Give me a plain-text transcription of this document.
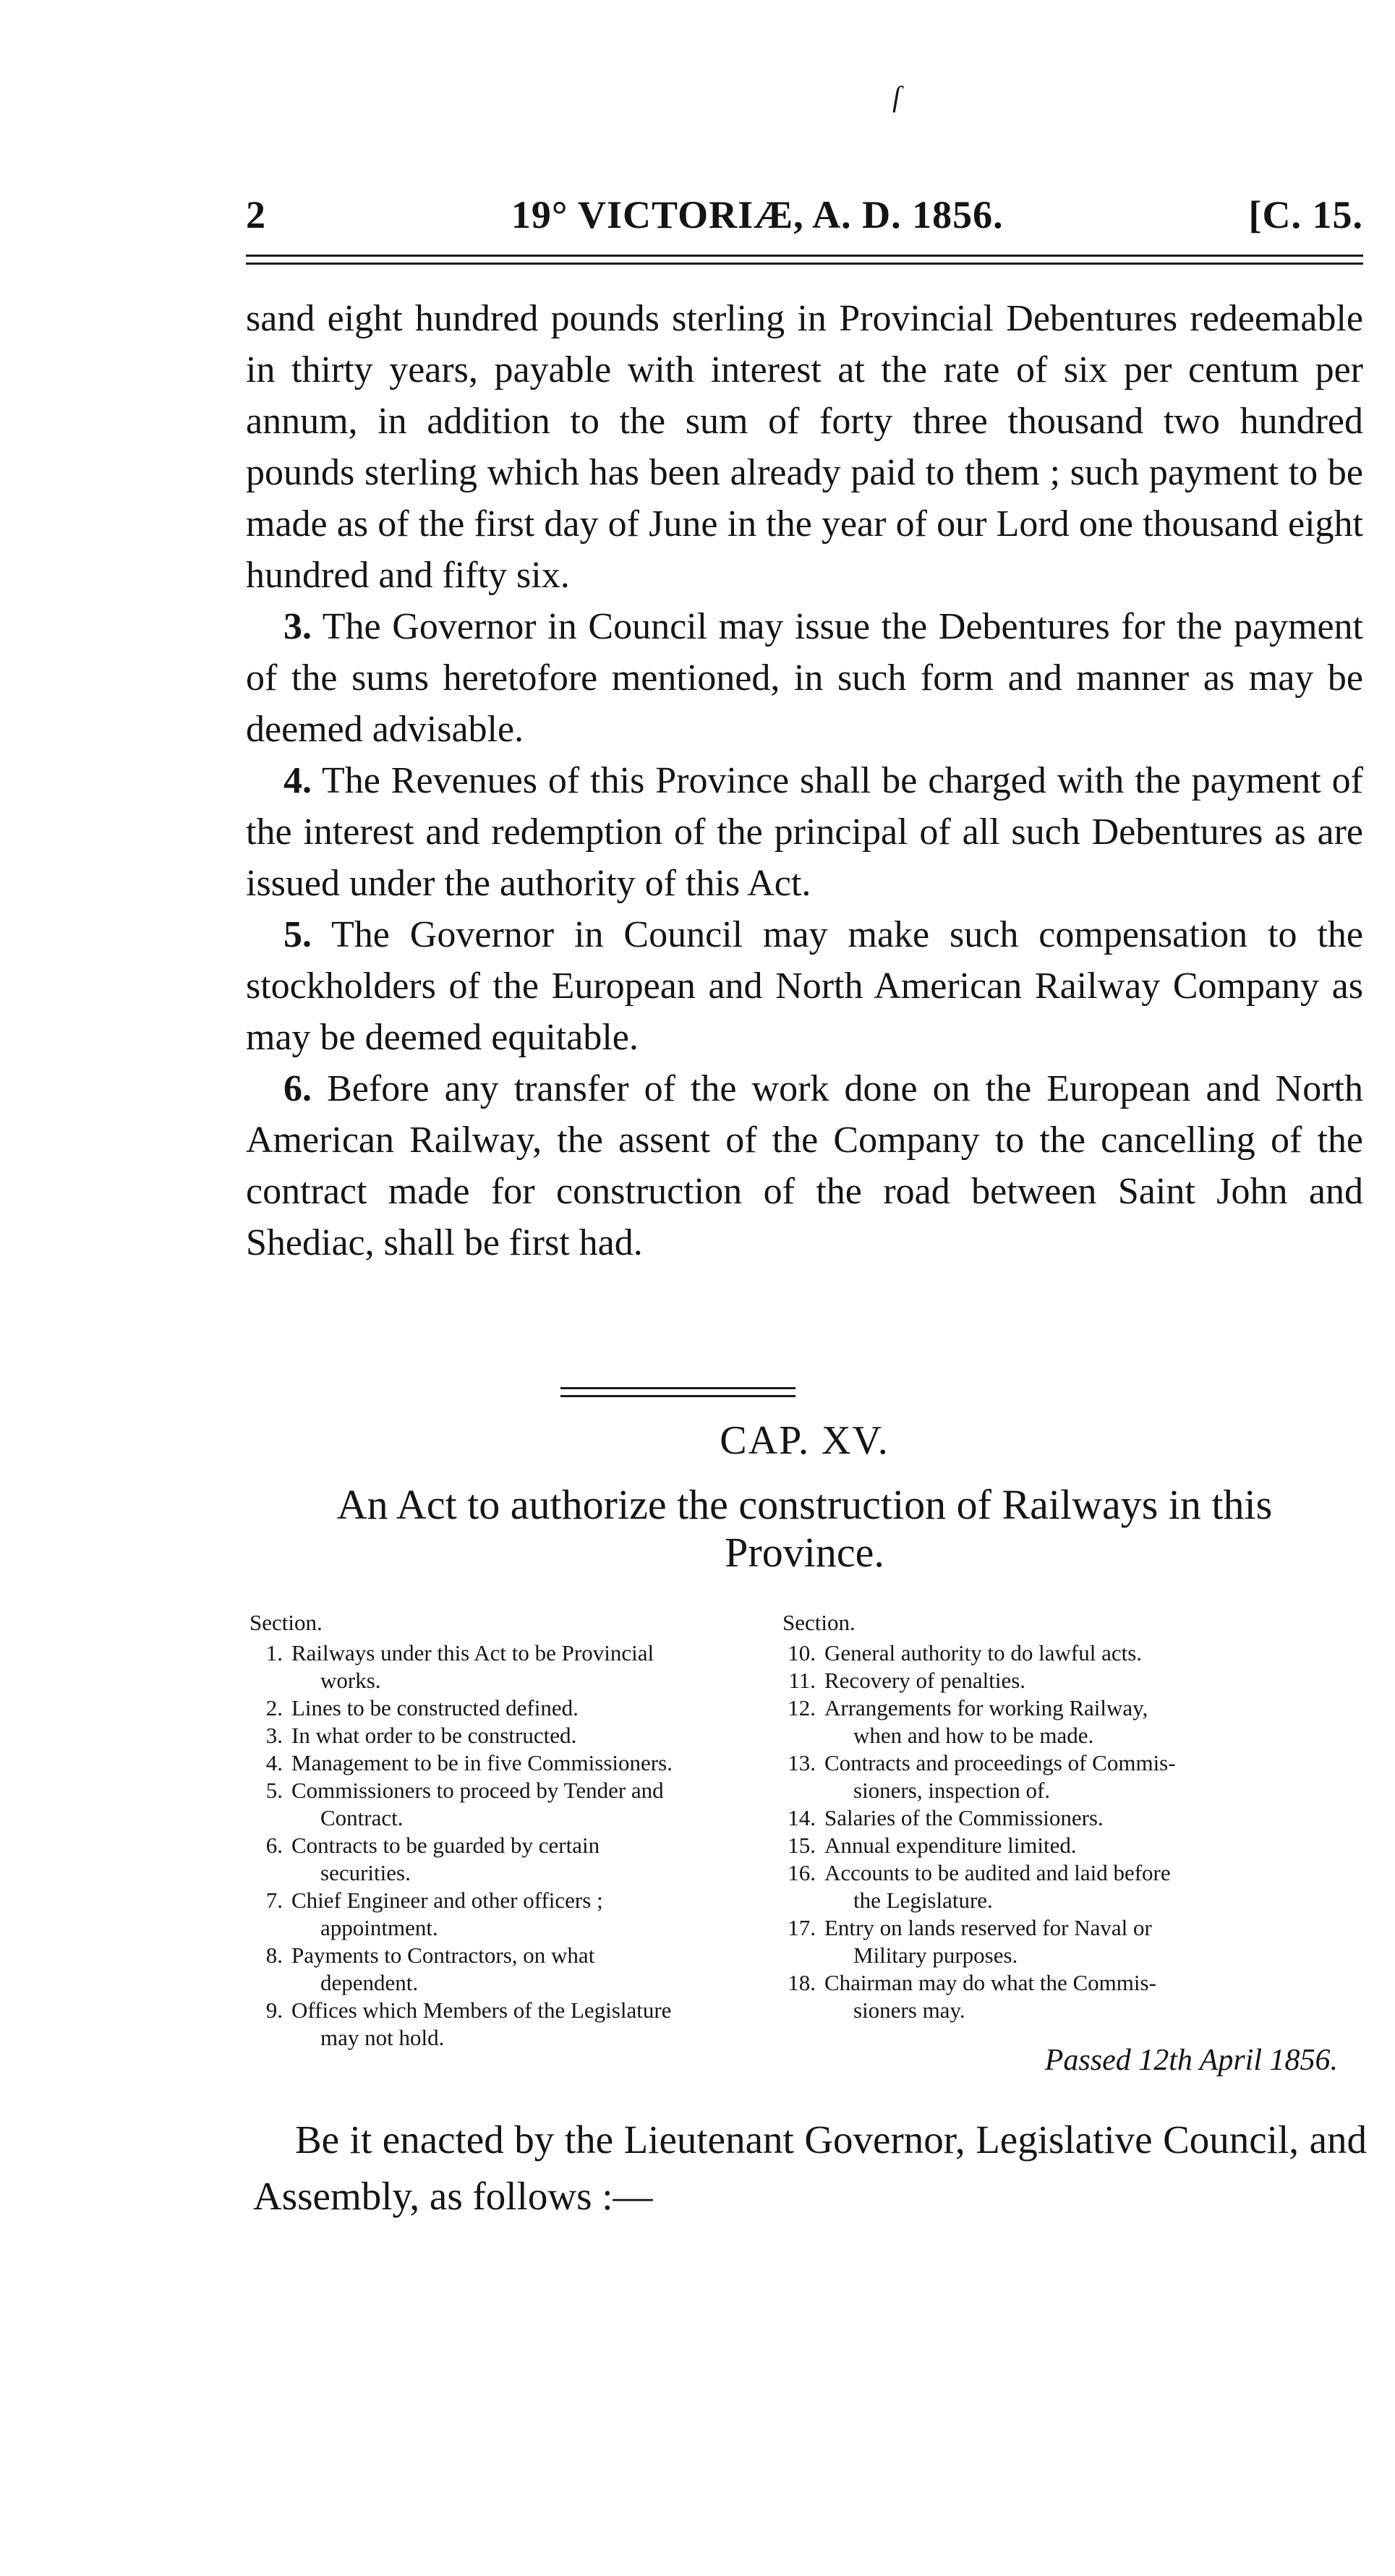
ſ
2	19° VICTORIÆ, A. D. 1856.	[C. 15.

sand eight hundred pounds sterling in Provincial Debentures redeemable in thirty years, payable with interest at the rate of six per centum per annum, in addition to the sum of forty three thousand two hundred pounds sterling which has been already paid to them ; such payment to be made as of the first day of June in the year of our Lord one thousand eight hundred and fifty six.

3. The Governor in Council may issue the Debentures for the payment of the sums heretofore mentioned, in such form and manner as may be deemed advisable.

4. The Revenues of this Province shall be charged with the payment of the interest and redemption of the principal of all such Debentures as are issued under the authority of this Act.

5. The Governor in Council may make such compensation to the stockholders of the European and North American Railway Company as may be deemed equitable.

6. Before any transfer of the work done on the European and North American Railway, the assent of the Company to the cancelling of the contract made for construction of the road between Saint John and Shediac, shall be first had.

CAP. XV.
An Act to authorize the construction of Railways in this
Province.
Section.
1. Railways under this Act to be Provincial
works.
2. Lines to be constructed defined.
3. In what order to be constructed.
4. Management to be in five Commissioners.
5. Commissioners to proceed by Tender and
Contract.
6. Contracts to be guarded by certain
securities.
7. Chief Engineer and other officers ;
appointment.
8. Payments to Contractors, on what
dependent.
9. Offices which Members of the Legislature
may not hold.
Section.
10. General authority to do lawful acts.
11. Recovery of penalties.
12. Arrangements for working Railway,
when and how to be made.
13. Contracts and proceedings of Commis-
sioners, inspection of.
14. Salaries of the Commissioners.
15. Annual expenditure limited.
16. Accounts to be audited and laid before
the Legislature.
17. Entry on lands reserved for Naval or
Military purposes.
18. Chairman may do what the Commis-
sioners may.
Passed 12th April 1856.

Be it enacted by the Lieutenant Governor, Legislative Council, and Assembly, as follows :—
